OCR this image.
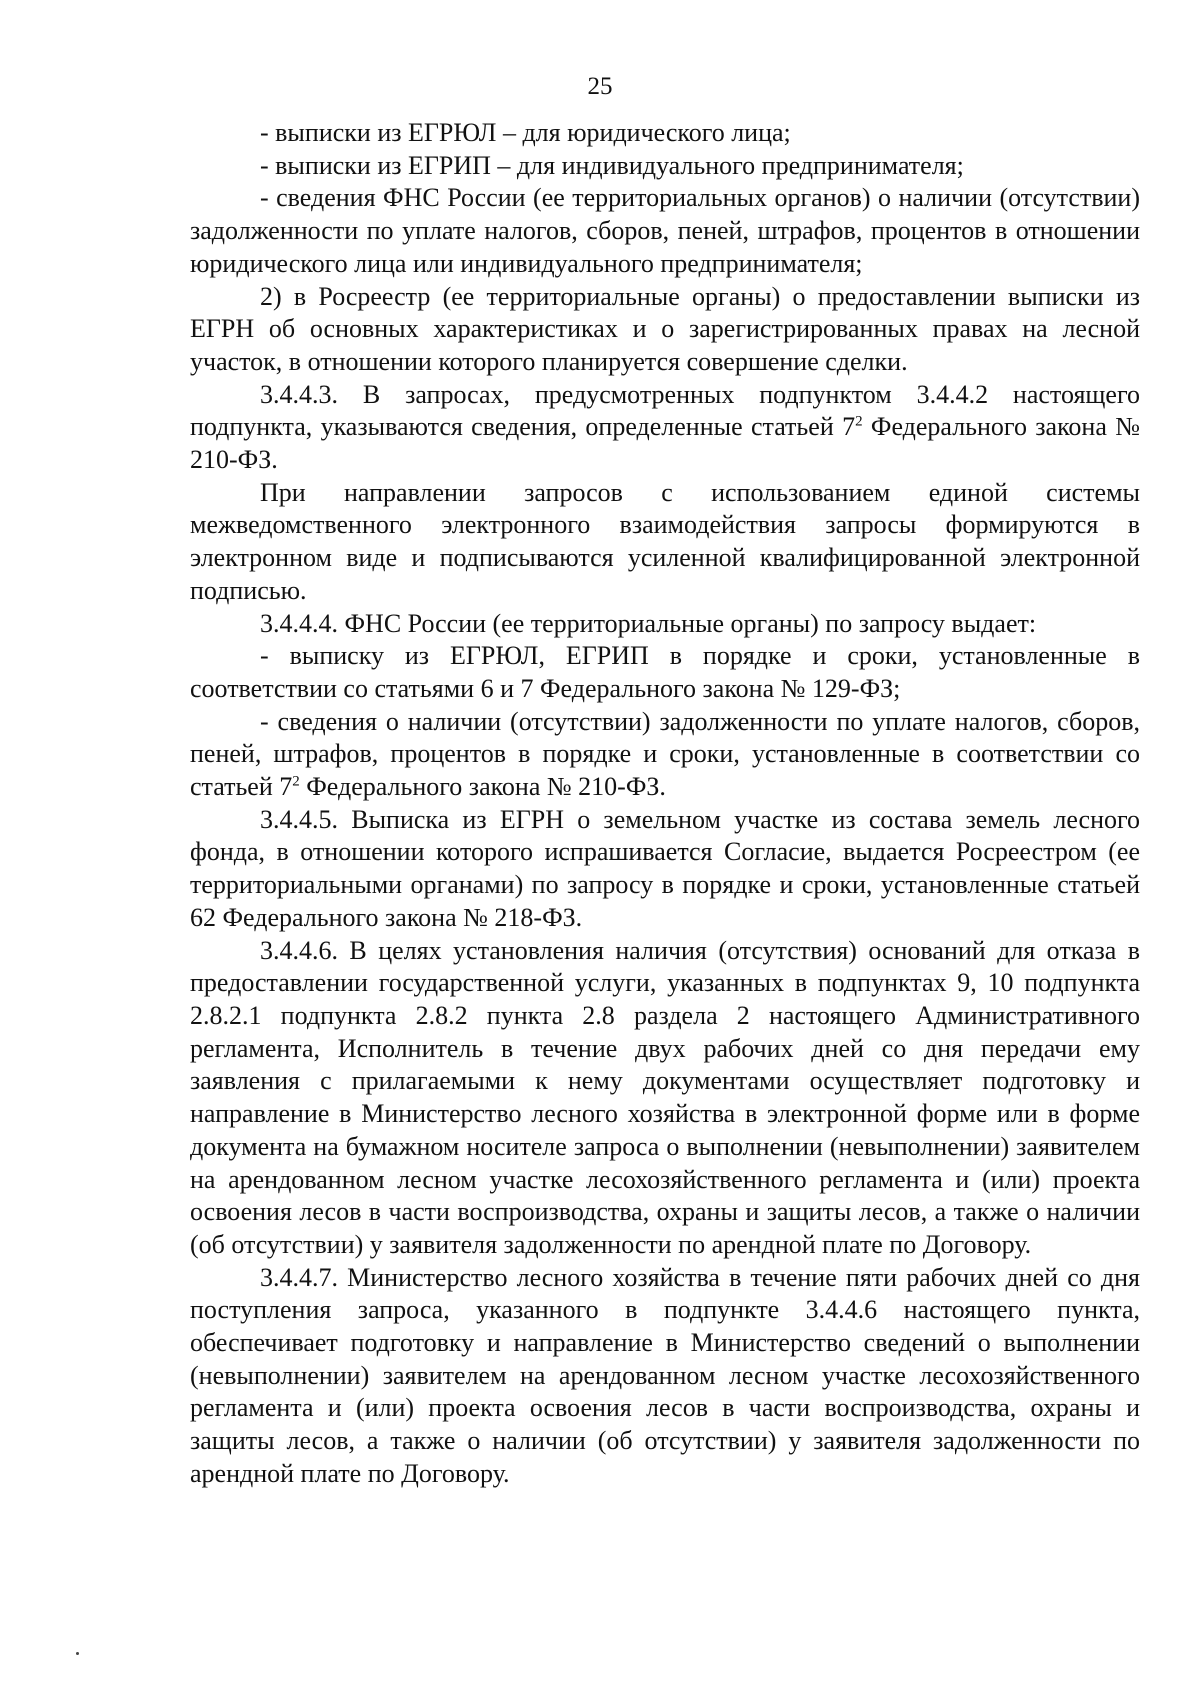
25

- выписки из ЕГРЮЛ – для юридического лица;

- выписки из ЕГРИП – для индивидуального предпринимателя;

- сведения ФНС России (ее территориальных органов) о наличии (отсутствии) задолженности по уплате налогов, сборов, пеней, штрафов, процентов в отношении юридического лица или индивидуального предпринимателя;

2) в Росреестр (ее территориальные органы) о предоставлении выписки из ЕГРН об основных характеристиках и о зарегистрированных правах на лесной участок, в отношении которого планируется совершение сделки.

3.4.4.3. В запросах, предусмотренных подпунктом 3.4.4.2 настоящего подпункта, указываются сведения, определенные статьей $7^2$ Федерального закона № 210-ФЗ.

При направлении запросов с использованием единой системы межведомственного электронного взаимодействия запросы формируются в электронном виде и подписываются усиленной квалифицированной электронной подписью.

3.4.4.4. ФНС России (ее территориальные органы) по запросу выдает:

- выписку из ЕГРЮЛ, ЕГРИП в порядке и сроки, установленные в соответствии со статьями 6 и 7 Федерального закона № 129-ФЗ;

- сведения о наличии (отсутствии) задолженности по уплате налогов, сборов, пеней, штрафов, процентов в порядке и сроки, установленные в соответствии со статьей $7^2$ Федерального закона № 210-ФЗ.

3.4.4.5. Выписка из ЕГРН о земельном участке из состава земель лесного фонда, в отношении которого испрашивается Согласие, выдается Росреестром (ее территориальными органами) по запросу в порядке и сроки, установленные статьей 62 Федерального закона № 218-ФЗ.

3.4.4.6. В целях установления наличия (отсутствия) оснований для отказа в предоставлении государственной услуги, указанных в подпунктах 9, 10 подпункта 2.8.2.1 подпункта 2.8.2 пункта 2.8 раздела 2 настоящего Административного регламента, Исполнитель в течение двух рабочих дней со дня передачи ему заявления с прилагаемыми к нему документами осуществляет подготовку и направление в Министерство лесного хозяйства в электронной форме или в форме документа на бумажном носителе запроса о выполнении (невыполнении) заявителем на арендованном лесном участке лесохозяйственного регламента и (или) проекта освоения лесов в части воспроизводства, охраны и защиты лесов, а также о наличии (об отсутствии) у заявителя задолженности по арендной плате по Договору.

3.4.4.7. Министерство лесного хозяйства в течение пяти рабочих дней со дня поступления запроса, указанного в подпункте 3.4.4.6 настоящего пункта, обеспечивает подготовку и направление в Министерство сведений о выполнении (невыполнении) заявителем на арендованном лесном участке лесохозяйственного регламента и (или) проекта освоения лесов в части воспроизводства, охраны и защиты лесов, а также о наличии (об отсутствии) у заявителя задолженности по арендной плате по Договору.
